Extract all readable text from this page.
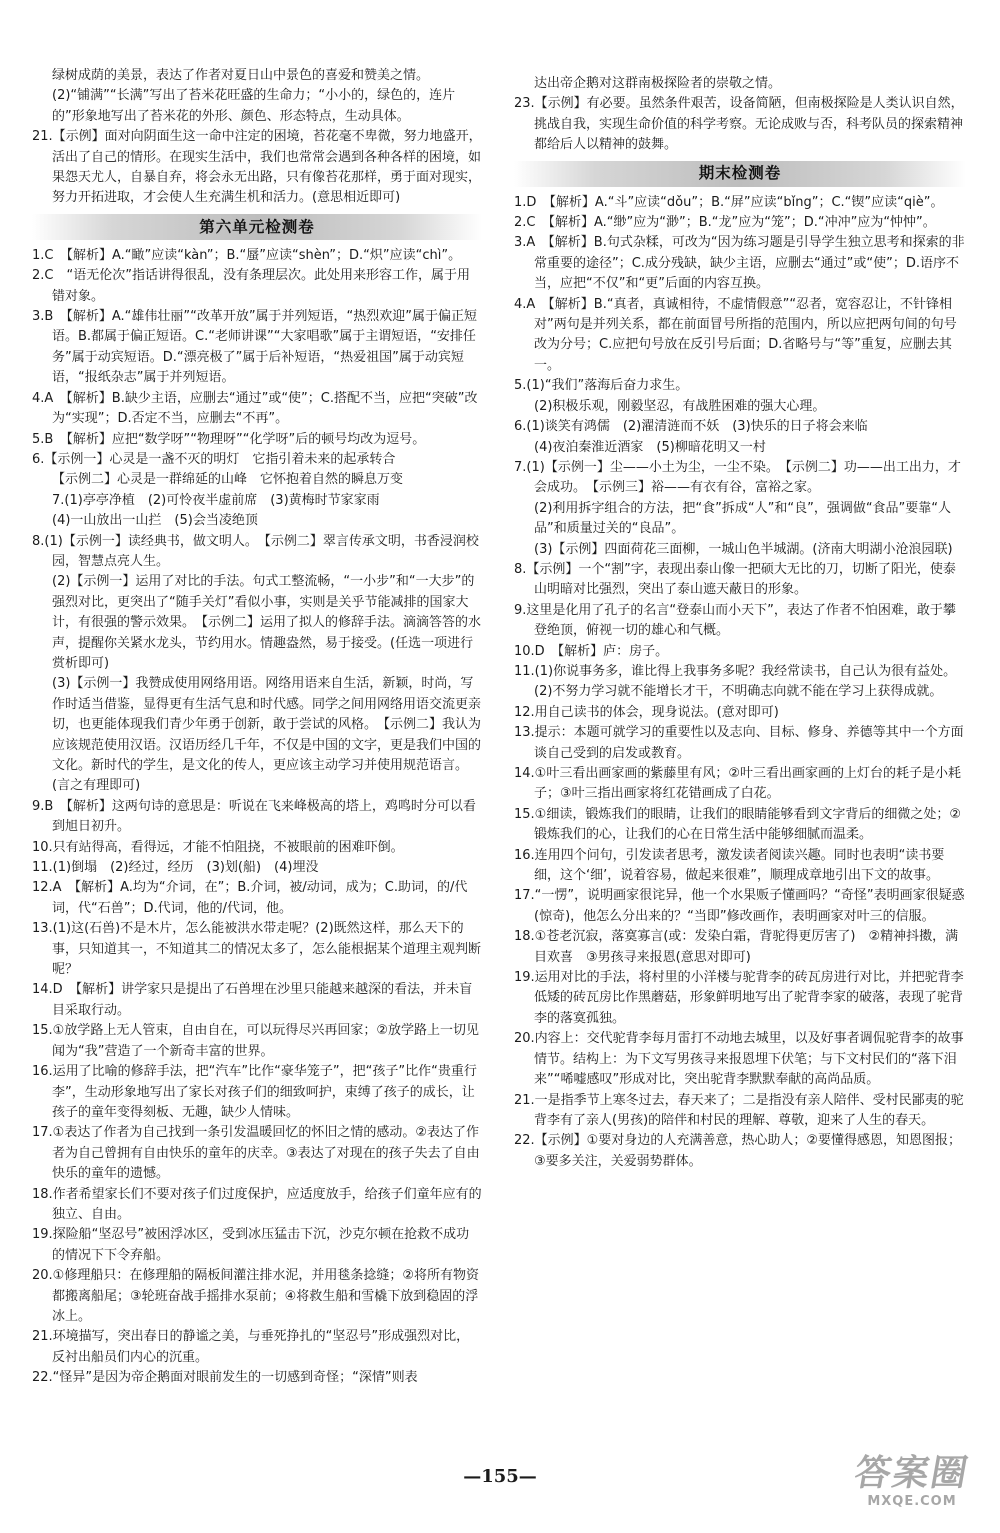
绿树成荫的美景，表达了作者对夏日山中景色的喜爱和赞美之情。
(2)“铺满”“长满”写出了苔米花旺盛的生命力；“小小的，绿色的，连片的”形象地写出了苔米花的外形、颜色、形态特点，生动具体。
21.【示例】面对向阴面生这一命中注定的困境，苔花毫不卑微，努力地盛开，活出了自己的情形。在现实生活中，我们也常常会遇到各种各样的困境，如果怨天尤人，自暴自弃，将会永无出路，只有像苔花那样，勇于面对现实，努力开拓进取，才会使人生充满生机和活力。(意思相近即可)
第六单元检测卷
1.C　【解析】A.“瞰”应读“kàn”；B.“蜃”应读“shèn”；D.“炽”应读“chì”。
2.C　“语无伦次”指话讲得很乱，没有条理层次。此处用来形容工作，属于用错对象。
3.B　【解析】A.“雄伟壮丽”“改革开放”属于并列短语，“热烈欢迎”属于偏正短语。B.都属于偏正短语。C.“老师讲课”“大家唱歌”属于主谓短语，“安排任务”属于动宾短语。D.“漂亮极了”属于后补短语，“热爱祖国”属于动宾短语，“报纸杂志”属于并列短语。
4.A　【解析】B.缺少主语，应删去“通过”或“使”；C.搭配不当，应把“突破”改为“实现”；D.否定不当，应删去“不再”。
5.B　【解析】应把“数学呀”“物理呀”“化学呀”后的顿号均改为逗号。
6.【示例一】心灵是一盏不灭的明灯　它指引着未来的起承转合
【示例二】心灵是一群绵延的山峰　它怀抱着自然的瞬息万变
7.(1)亭亭净植　(2)可怜夜半虚前席　(3)黄梅时节家家雨
(4)一山放出一山拦　(5)会当凌绝顶
8.(1)【示例一】读经典书，做文明人。　【示例二】翠言传承文明，书香浸润校园，智慧点亮人生。
(2)【示例一】运用了对比的手法。句式工整流畅，“一小步”和“一大步”的强烈对比，更突出了“随手关灯”看似小事，实则是关乎节能减排的国家大计，有很强的警示效果。　【示例二】运用了拟人的修辞手法。滴滴答答的水声，提醒你关紧水龙头，节约用水。情趣盎然，易于接受。(任选一项进行赏析即可)
(3)【示例一】我赞成使用网络用语。网络用语来自生活，新颖，时尚，写作时适当借鉴，显得更有生活气息和时代感。同学之间用网络用语交流更亲切，也更能体现我们青少年勇于创新，敢于尝试的风格。　【示例二】我认为应该规范使用汉语。汉语历经几千年，不仅是中国的文字，更是我们中国的文化。新时代的学生，是文化的传人，更应该主动学习并使用规范语言。(言之有理即可)
9.B　【解析】这两句诗的意思是：听说在飞来峰极高的塔上，鸡鸣时分可以看到旭日初升。
10.只有站得高，看得远，才能不怕阻挠，不被眼前的困难吓倒。
11.(1)倒塌　(2)经过，经历　(3)划(船)　(4)埋没
12.A　【解析】A.均为“介词，在”；B.介词，被/动词，成为；C.助词，的/代词，代“石兽”；D.代词，他的/代词，他。
13.(1)这(石兽)不是木片，怎么能被洪水带走呢？(2)既然这样，那么天下的事，只知道其一，不知道其二的情况太多了，怎么能根据某个道理主观判断呢？
14.D　【解析】讲学家只是提出了石兽埋在沙里只能越来越深的看法，并未盲目采取行动。
15.①放学路上无人管束，自由自在，可以玩得尽兴再回家；②放学路上一切见闻为“我”营造了一个新奇丰富的世界。
16.运用了比喻的修辞手法，把“汽车”比作“豪华笼子”，把“孩子”比作“贵重行李”，生动形象地写出了家长对孩子们的细致呵护，束缚了孩子的成长，让孩子的童年变得刻板、无趣，缺少人情味。
17.①表达了作者为自己找到一条引发温暖回忆的怀旧之情的感动。②表达了作者为自己曾拥有自由快乐的童年的庆幸。③表达了对现在的孩子失去了自由快乐的童年的遗憾。
18.作者希望家长们不要对孩子们过度保护，应适度放手，给孩子们童年应有的独立、自由。
19.探险船“坚忍号”被困浮冰区，受到冰压猛击下沉，沙克尔顿在抢救不成功的情况下下令弃船。
20.①修理船只：在修理船的隔板间灌注排水泥，并用毯条捻缝；②将所有物资都搬离船尾；③轮班奋战手摇排水泵前；④将救生船和雪橇下放到稳固的浮冰上。
21.环境描写，突出春日的静谧之美，与垂死挣扎的“坚忍号”形成强烈对比，反衬出船员们内心的沉重。
22.“怪异”是因为帝企鹅面对眼前发生的一切感到奇怪；“深情”则表
达出帝企鹅对这群南极探险者的崇敬之情。
23.【示例】有必要。虽然条件艰苦，设备简陋，但南极探险是人类认识自然，挑战自我，实现生命价值的科学考察。无论成败与否，科考队员的探索精神都给后人以精神的鼓舞。
期末检测卷
1.D　【解析】A.“斗”应读“dǒu”；B.“屏”应读“bǐng”；C.“锲”应读“qiè”。
2.C　【解析】A.“缈”应为“渺”；B.“龙”应为“笼”；D.“冲冲”应为“忡忡”。
3.A　【解析】B.句式杂糅，可改为“因为练习题是引导学生独立思考和探索的非常重要的途径”；C.成分残缺，缺少主语，应删去“通过”或“使”；D.语序不当，应把“不仅”和“更”后面的内容互换。
4.A　【解析】B.“真者，真诚相待，不虚情假意”“忍者，宽容忍让，不针锋相对”两句是并列关系，都在前面冒号所指的范围内，所以应把两句间的句号改为分号；C.应把句号放在反引号后面；D.省略号与“等”重复，应删去其一。
5.(1)“我们”落海后奋力求生。
(2)积极乐观，刚毅坚忍，有战胜困难的强大心理。
6.(1)谈笑有鸿儒　(2)濯清涟而不妖　(3)快乐的日子将会来临
(4)夜泊秦淮近酒家　(5)柳暗花明又一村
7.(1)【示例一】尘——小土为尘，一尘不染。　【示例二】功——出工出力，才会成功。　【示例三】裕——有衣有谷，富裕之家。
(2)利用拆字组合的方法，把“食”拆成“人”和“良”，强调做“食品”要靠“人品”和质量过关的“良品”。
(3)【示例】四面荷花三面柳，一城山色半城湖。(济南大明湖小沧浪园联)
8.【示例】一个“割”字，表现出泰山像一把硕大无比的刀，切断了阳光，使泰山明暗对比强烈，突出了泰山遮天蔽日的形象。
9.这里是化用了孔子的名言“登泰山而小天下”，表达了作者不怕困难，敢于攀登绝顶，俯视一切的雄心和气概。
10.D　【解析】庐：房子。
11.(1)你说事务多，谁比得上我事务多呢？我经常读书，自己认为很有益处。
(2)不努力学习就不能增长才干，不明确志向就不能在学习上获得成就。
12.用自己读书的体会，现身说法。(意对即可)
13.提示：本题可就学习的重要性以及志向、目标、修身、养德等其中一个方面谈自己受到的启发或教育。
14.①叶三看出画家画的紫藤里有风；②叶三看出画家画的上灯台的耗子是小耗子；③叶三指出画家将红花错画成了白花。
15.①细读，锻炼我们的眼睛，让我们的眼睛能够看到文字背后的细微之处；②锻炼我们的心，让我们的心在日常生活中能够细腻而温柔。
16.连用四个问句，引发读者思考，激发读者阅读兴趣。同时也表明“读书要细，这个‘细’，说着容易，做起来很难”，顺理成章地引出下文的故事。
17.“一愣”，说明画家很诧异，他一个水果贩子懂画吗？“奇怪”表明画家很疑惑(惊奇)，他怎么分出来的？“当即”修改画作，表明画家对叶三的信服。
18.①苍老沉寂，落寞寡言(或：发染白霜，背驼得更厉害了)　②精神抖擞，满目欢喜　③男孩寻来报恩(意思对即可)
19.运用对比的手法，将村里的小洋楼与驼背李的砖瓦房进行对比，并把驼背李低矮的砖瓦房比作黑蘑菇，形象鲜明地写出了驼背李家的破落，表现了驼背李的落寞孤独。
20.内容上：交代驼背李每月雷打不动地去城里，以及好事者调侃驼背李的故事情节。结构上：为下文写男孩寻来报恩埋下伏笔；与下文村民们的“落下泪来”“唏嘘感叹”形成对比，突出驼背李默默奉献的高尚品质。
21.一是指季节上寒冬过去，春天来了；二是指没有亲人陪伴、受村民鄙夷的驼背李有了亲人(男孩)的陪伴和村民的理解、尊敬，迎来了人生的春天。
22.【示例】①要对身边的人充满善意，热心助人；②要懂得感恩，知恩图报；③要多关注，关爱弱势群体。
—155—	答案圈
MXQE.COM
